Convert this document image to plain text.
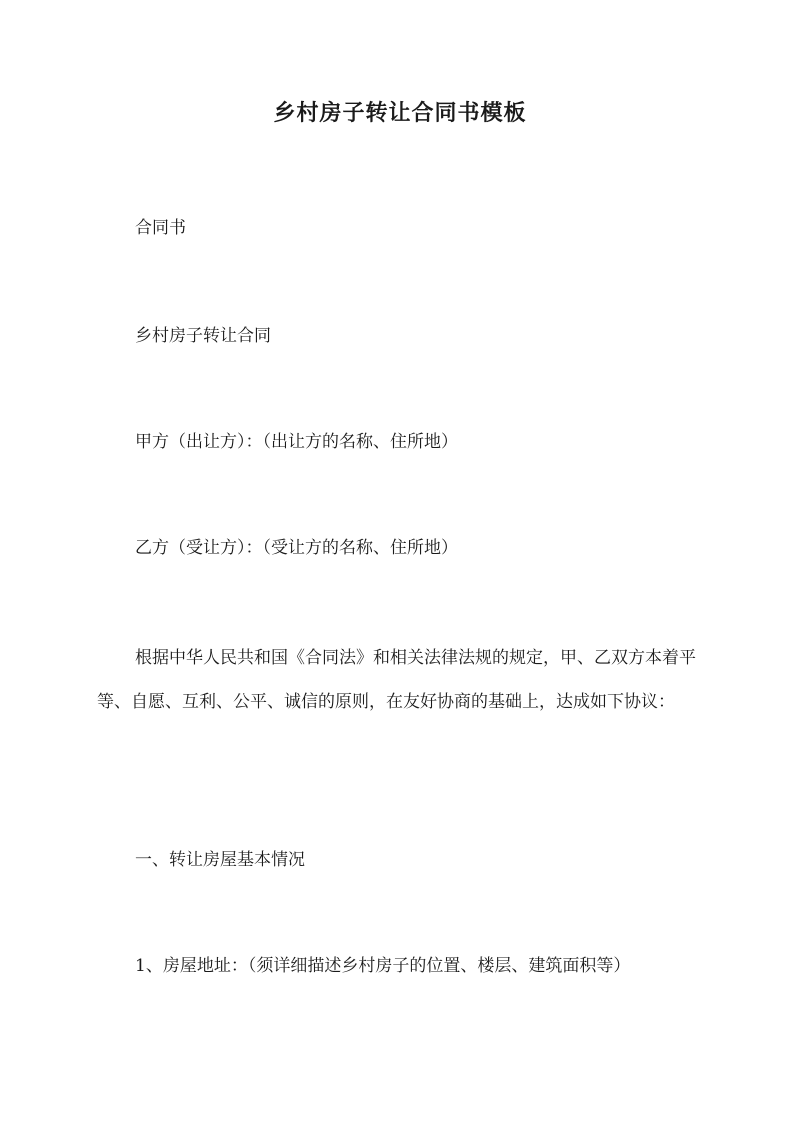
乡村房子转让合同书模板

合同书

乡村房子转让合同

甲方（出让方）：（出让方的名称、住所地）

乙方（受让方）：（受让方的名称、住所地）

根据中华人民共和国《合同法》和相关法律法规的规定，甲、乙双方本着平等、自愿、互利、公平、诚信的原则，在友好协商的基础上，达成如下协议：

一、转让房屋基本情况

1、房屋地址：（须详细描述乡村房子的位置、楼层、建筑面积等）
